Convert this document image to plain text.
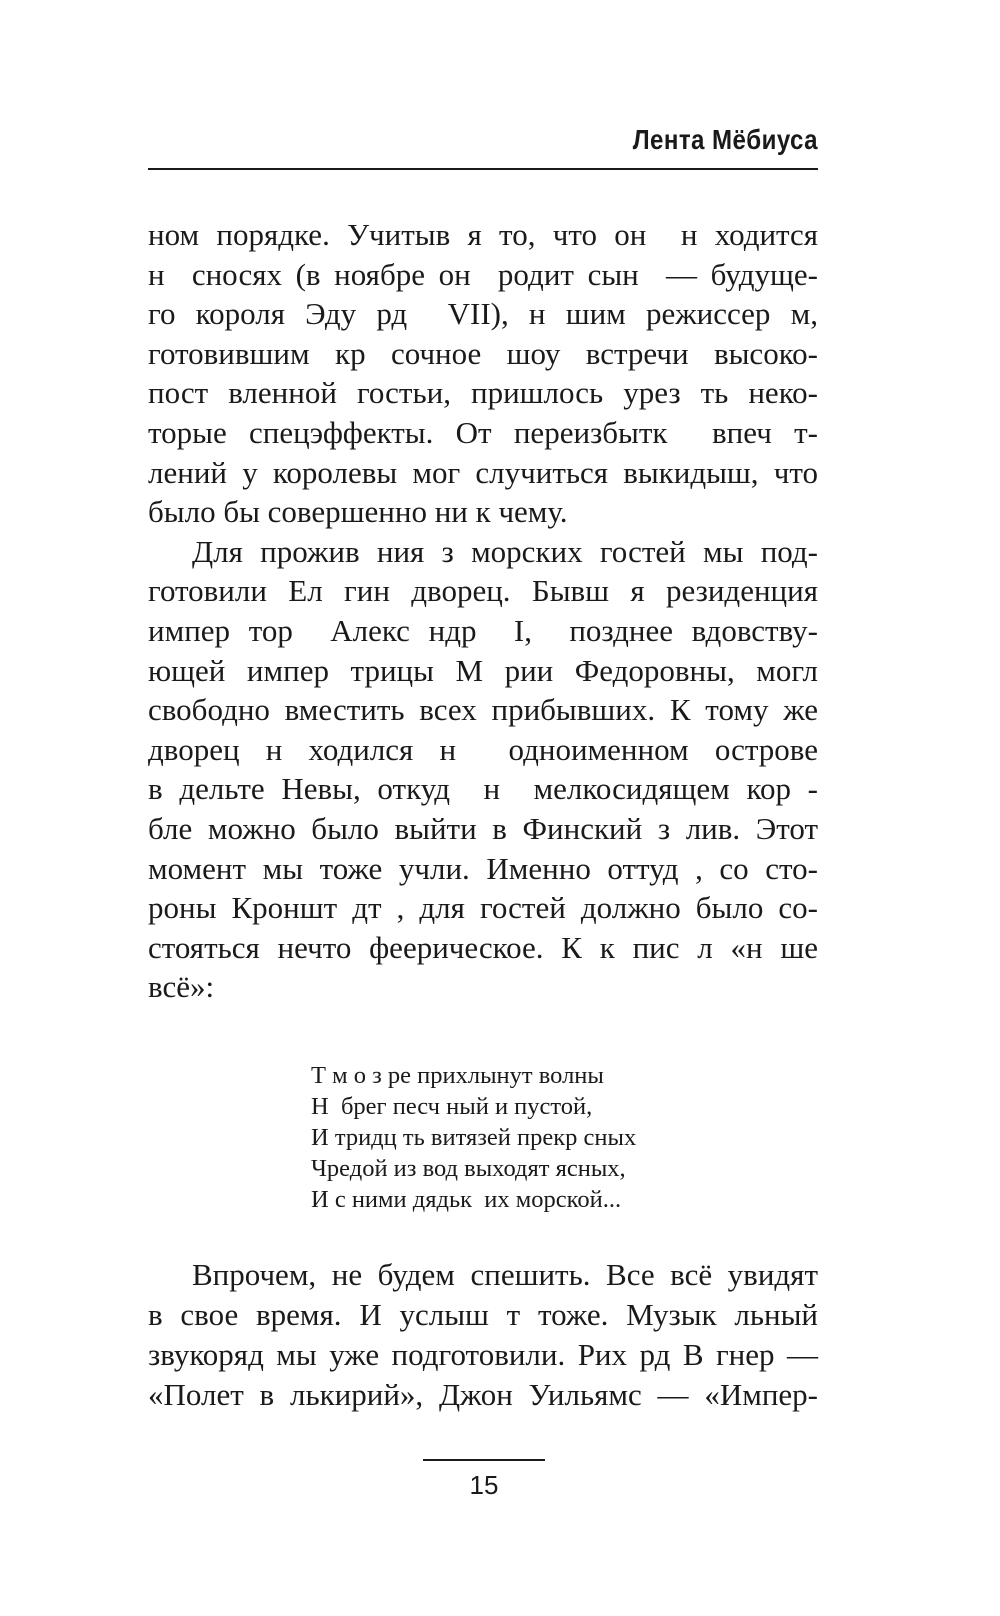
Лента Мёбиуса
ном порядке. Учитыв я то, что он  н ходится
н  сносях (в ноябре он  родит сын  — будуще-
го короля Эду рд  VII), н шим режиссер м,
готовившим кр сочное шоу встречи высоко-
пост вленной гостьи, пришлось урез ть неко-
торые спецэффекты. От переизбытк  впеч т-
лений у королевы мог случиться выкидыш, что
было бы совершенно ни к чему.
Для прожив ния з морских гостей мы под-
готовили Ел гин дворец. Бывш я резиденция
импер тор  Алекс ндр  I,  позднее вдовству-
ющей импер трицы М рии Федоровны, могл
свободно вместить всех прибывших. К тому же
дворец н ходился н  одноименном острове
в дельте Невы, откуд  н  мелкосидящем кор -
бле можно было выйти в Финский з лив. Этот
момент мы тоже учли. Именно оттуд , со сто-
роны Кроншт дт , для гостей должно было со-
стояться нечто феерическое. К к пис л «н ше
всё»:
Т м о з ре прихлынут волны
Н  брег песч ный и пустой,
И тридц ть витязей прекр сных
Чредой из вод выходят ясных,
И с ними дядьк  их морской...
Впрочем, не будем спешить. Все всё увидят
в свое время. И услыш т тоже. Музык льный
звукоряд мы уже подготовили. Рих рд В гнер —
«Полет в лькирий», Джон Уильямс — «Импер-
15
